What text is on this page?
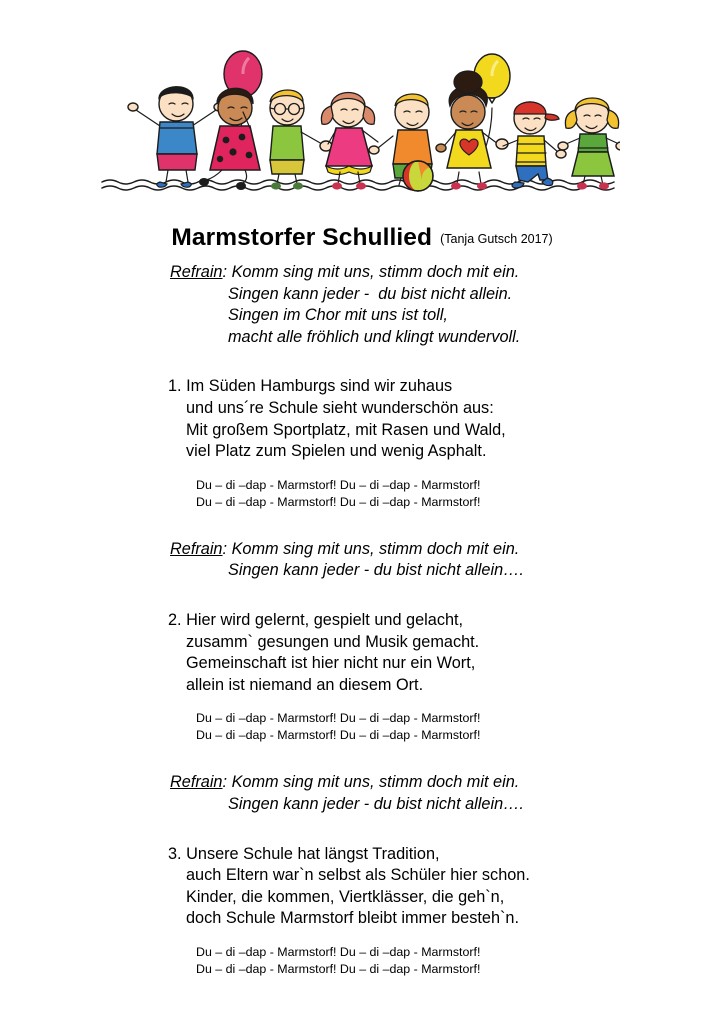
Marmstorfer Schullied (Tanja Gutsch 2017)
Refrain: Komm sing mit uns, stimm doch mit ein.
Singen kann jeder -  du bist nicht allein.
Singen im Chor mit uns ist toll,
macht alle fröhlich und klingt wundervoll.
1. Im Süden Hamburgs sind wir zuhaus
und uns´re Schule sieht wunderschön aus:
Mit großem Sportplatz, mit Rasen und Wald,
viel Platz zum Spielen und wenig Asphalt.
Du – di –dap - Marmstorf! Du – di –dap - Marmstorf!
Du – di –dap - Marmstorf! Du – di –dap - Marmstorf!
Refrain: Komm sing mit uns, stimm doch mit ein.
Singen kann jeder - du bist nicht allein….
2. Hier wird gelernt, gespielt und gelacht,
zusamm` gesungen und Musik gemacht.
Gemeinschaft ist hier nicht nur ein Wort,
allein ist niemand an diesem Ort.
Du – di –dap - Marmstorf! Du – di –dap - Marmstorf!
Du – di –dap - Marmstorf! Du – di –dap - Marmstorf!
Refrain: Komm sing mit uns, stimm doch mit ein.
Singen kann jeder - du bist nicht allein….
3. Unsere Schule hat längst Tradition,
auch Eltern war`n selbst als Schüler hier schon.
Kinder, die kommen, Viertklässer, die geh`n,
doch Schule Marmstorf bleibt immer besteh`n.
Du – di –dap - Marmstorf! Du – di –dap - Marmstorf!
Du – di –dap - Marmstorf! Du – di –dap - Marmstorf!
